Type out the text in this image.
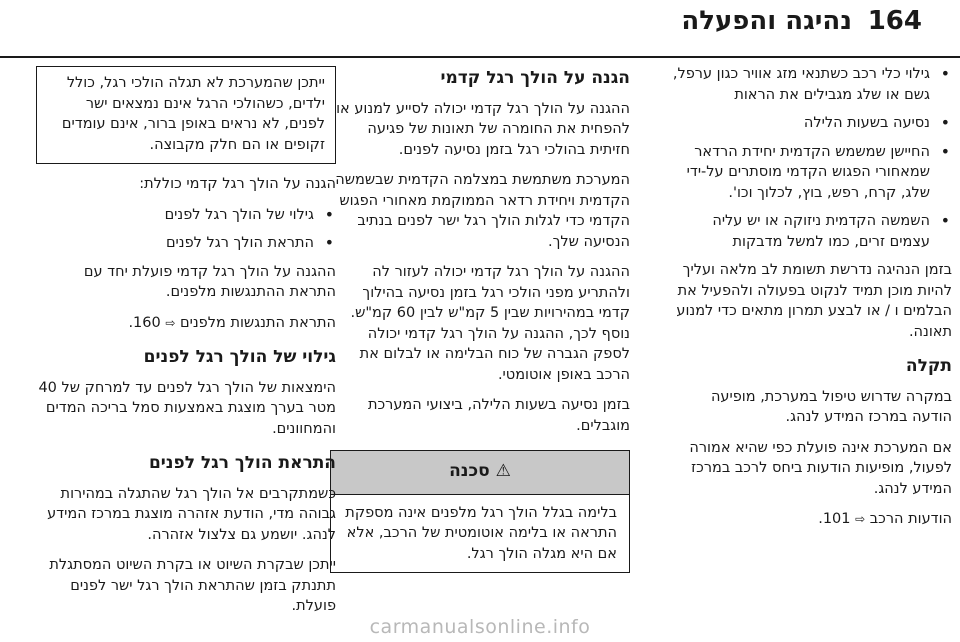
164
נהיגה והפעלה
• גילוי כלי רכב כשתנאי מזג אוויר כגון ערפל, גשם או שלג מגבילים את הראות
• נסיעה בשעות הלילה
• החיישן שמשמש הקדמית יחידת הרדאר שמאחורי הפגוש הקדמי מוסתרים על-ידי שלג, קרח, רפש, בוץ, לכלוך וכו'.
• השמשה הקדמית ניזוקה או יש עליה עצמים זרים, כמו למשל מדבקות
בזמן הנהיגה נדרשת תשומת לב מלאה ועליך להיות מוכן תמיד לנקוט בפעולה ולהפעיל את הבלמים ו / או לבצע תמרון מתאים כדי למנוע תאונה.
תקלה
במקרה שדרוש טיפול במערכת, מופיעה הודעה במרכז המידע לנהג.
אם המערכת אינה פועלת כפי שהיא אמורה לפעול, מופיעות הודעות ביחס לרכב במרכז המידע לנהג.
הודעות הרכב ⇨ 101.
הגנה על הולך רגל קדמי
ההגנה על הולך רגל קדמי יכולה לסייע למנוע או להפחית את החומרה של תאונות של פגיעה חזיתית בהולכי רגל בזמן נסיעה לפנים.
המערכת משתמשת במצלמה הקדמית שבשמשה הקדמית ויחידת רדאר הממוקמת מאחורי הפגוש הקדמי כדי לגלות הולך רגל ישר לפנים בנתיב הנסיעה שלך.
ההגנה על הולך רגל קדמי יכולה לעזור לה ולהתריע מפני הולכי רגל בזמן נסיעה בהילוך קדמי במהירויות שבין 5 קמ"ש לבין 60 קמ"ש. נוסף לכך, ההגנה על הולך רגל קדמי יכולה לספק הגברה של כוח הבלימה או לבלום את הרכב באופן אוטומטי.
בזמן נסיעה בשעות הלילה, ביצועי המערכת מוגבלים.
⚠ סכנה
בלימה בגלל הולך רגל מלפנים אינה מספקת התראה או בלימה אוטומטית של הרכב, אלא אם היא מגלה הולך רגל.
ייתכן שהמערכת לא תגלה הולכי רגל, כולל ילדים, כשהולכי הרגל אינם נמצאים ישר לפנים, לא נראים באופן ברור, אינם עומדים זקופים או הם חלק מקבוצה.
הגנה על הולך רגל קדמי כוללת:
• גילוי של הולך רגל לפנים
• התראת הולך רגל לפנים
ההגנה על הולך רגל קדמי פועלת יחד עם התראת ההתנגשות מלפנים.
התראת התנגשות מלפנים ⇨ 160.
גילוי של הולך רגל לפנים
הימצאות של הולך רגל לפנים עד למרחק של 40 מטר בערך מוצגת באמצעות סמל בריכה המדים והמחוונים.
התראת הולך רגל לפנים
כשמתקרבים אל הולך רגל שהתגלה במהירות גבוהה מדי, הודעת אזהרה מוצגת במרכז המידע לנהג. יושמע גם צלצול אזהרה.
ייתכן שבקרת השיוט או בקרת השיוט המסתגלת תתנתק בזמן שהתראת הולך רגל ישר לפנים פועלת.
carmanualsonline.info
